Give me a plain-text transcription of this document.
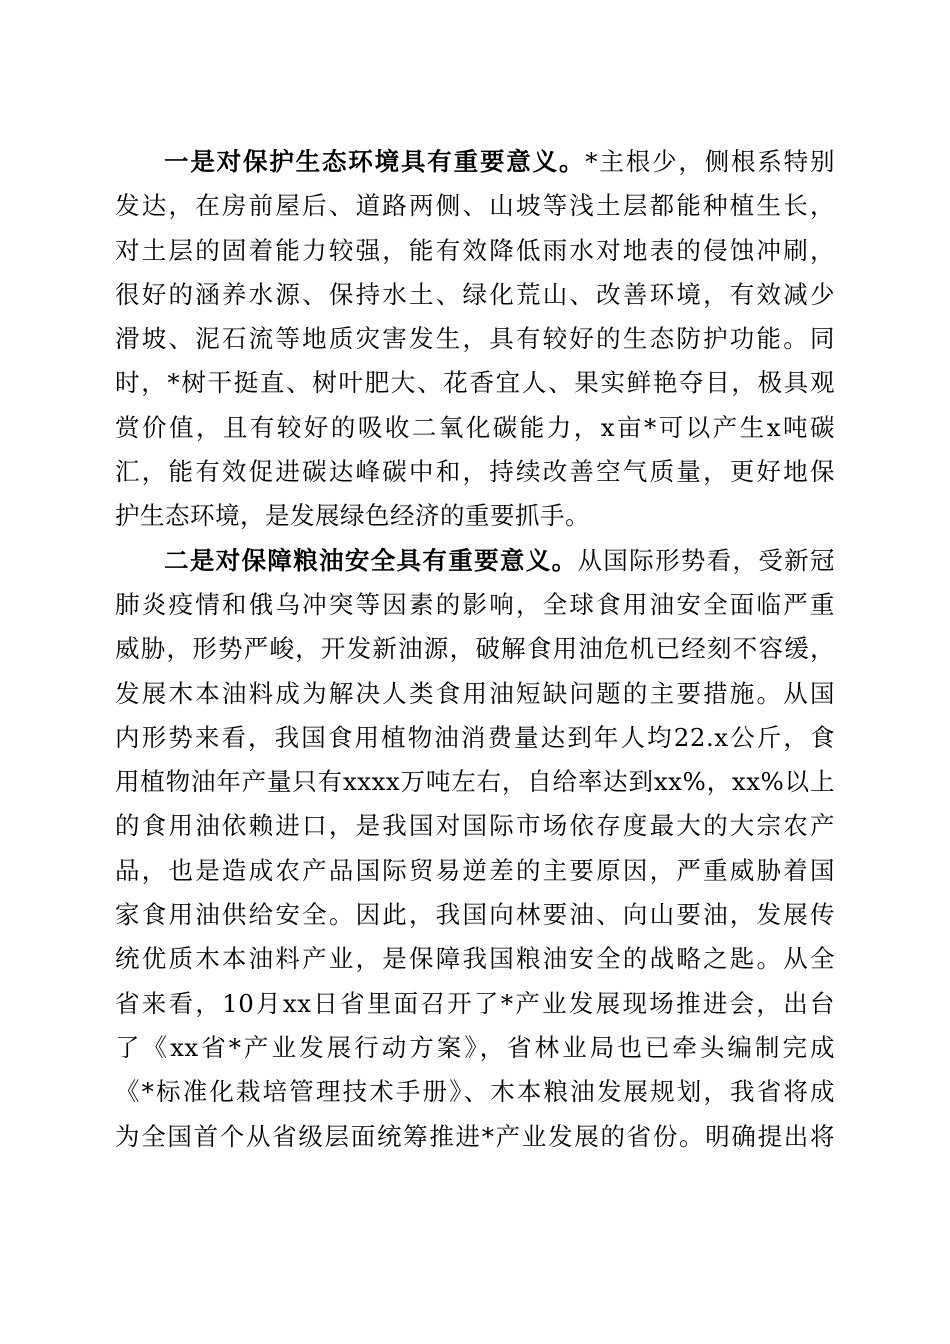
一是对保护生态环境具有重要意义。*主根少，侧根系特别
发达，在房前屋后、道路两侧、山坡等浅土层都能种植生长，
对土层的固着能力较强，能有效降低雨水对地表的侵蚀冲刷，
很好的涵养水源、保持水土、绿化荒山、改善环境，有效减少
滑坡、泥石流等地质灾害发生，具有较好的生态防护功能。同
时，*树干挺直、树叶肥大、花香宜人、果实鲜艳夺目，极具观
赏价值，且有较好的吸收二氧化碳能力，x亩*可以产生x吨碳
汇，能有效促进碳达峰碳中和，持续改善空气质量，更好地保
护生态环境，是发展绿色经济的重要抓手。

二是对保障粮油安全具有重要意义。从国际形势看，受新冠
肺炎疫情和俄乌冲突等因素的影响，全球食用油安全面临严重
威胁，形势严峻，开发新油源，破解食用油危机已经刻不容缓，
发展木本油料成为解决人类食用油短缺问题的主要措施。从国
内形势来看，我国食用植物油消费量达到年人均22.x公斤，食
用植物油年产量只有xxxx万吨左右，自给率达到xx%，xx%以上
的食用油依赖进口，是我国对国际市场依存度最大的大宗农产
品，也是造成农产品国际贸易逆差的主要原因，严重威胁着国
家食用油供给安全。因此，我国向林要油、向山要油，发展传
统优质木本油料产业，是保障我国粮油安全的战略之匙。从全
省来看，10月xx日省里面召开了*产业发展现场推进会，出台
了《xx省*产业发展行动方案》，省林业局也已牵头编制完成
《*标准化栽培管理技术手册》、木本粮油发展规划，我省将成
为全国首个从省级层面统筹推进*产业发展的省份。明确提出将
